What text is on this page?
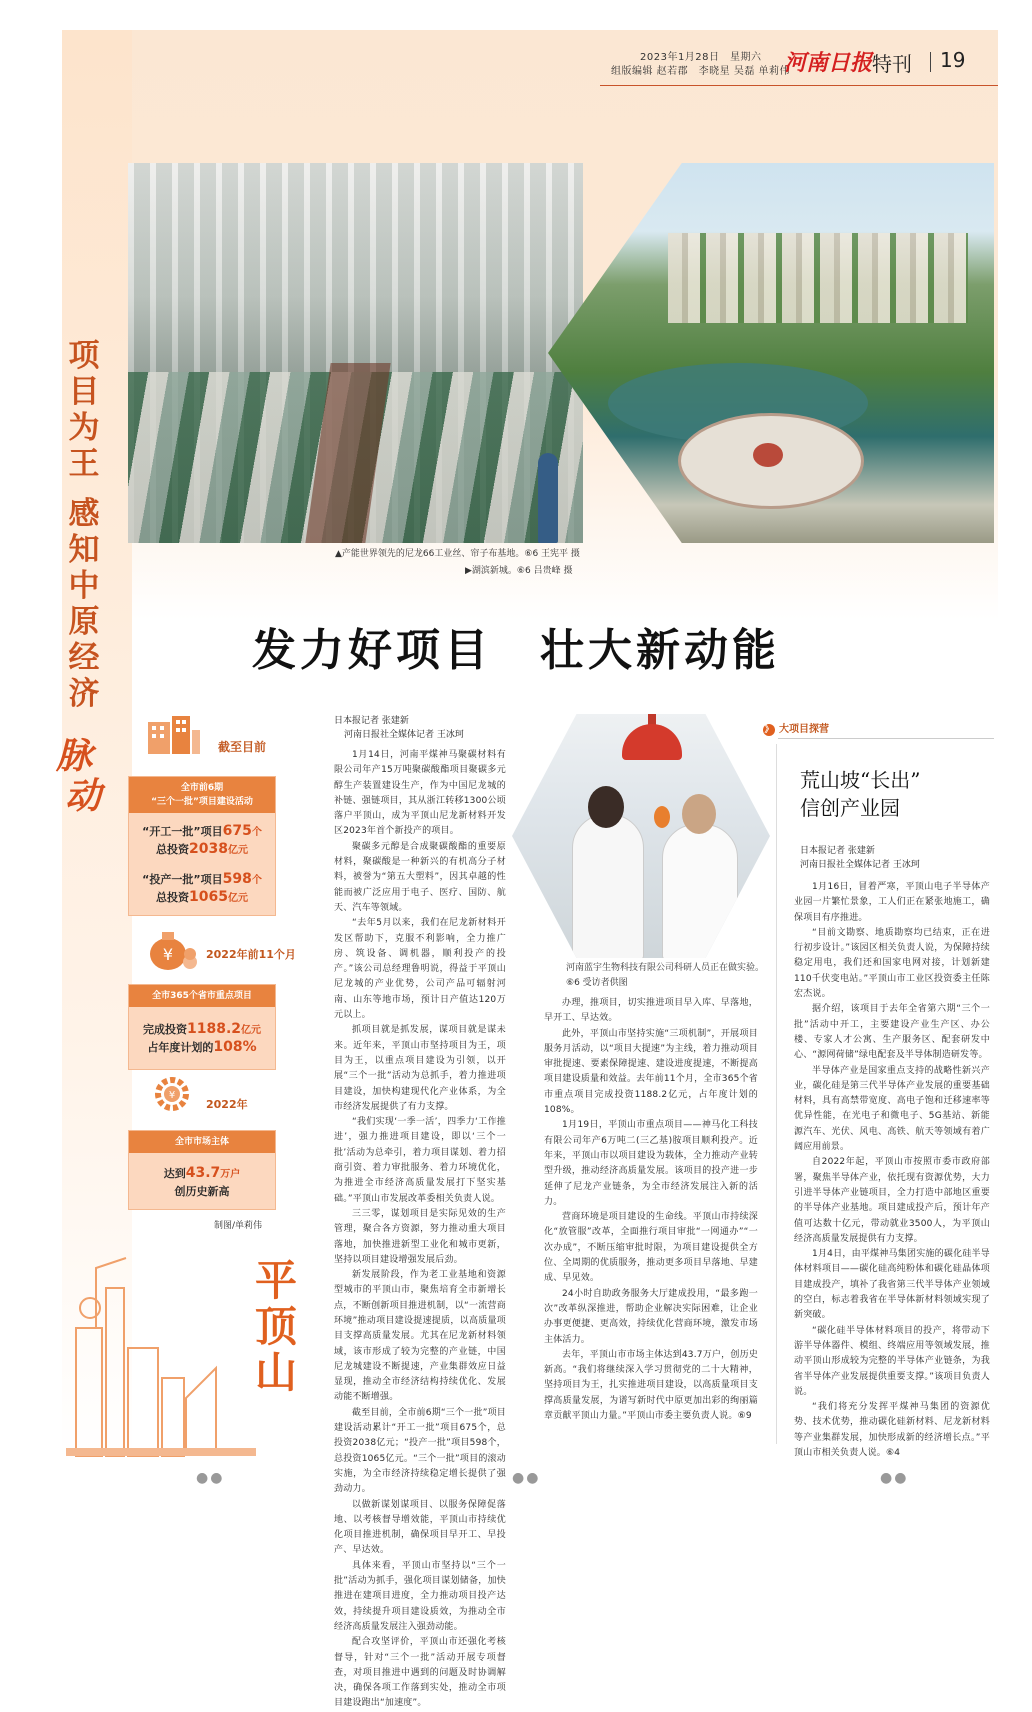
2023年1月28日　星期六
组版编辑 赵若郡　李晓星 吴磊 单莉伟
河南日报 特刊 19
▲产能世界领先的尼龙66工业丝、帘子布基地。⑥6 王宪平 摄
▶湖滨新城。⑥6 吕贵峰 摄
项
目
为
王
感
知
中
原
经
济
脉
动
发力好项目　壮大新动能
截至目前
全市前6期
“三个一批”项目建设活动
“开工一批”项目675个
总投资2038亿元
“投产一批”项目598个
总投资1065亿元
¥	2022年前11个月
全市365个省市重点项目
完成投资1188.2亿元
占年度计划的108%
¥
2022年
全市市场主体
达到43.7万户
创历史新高
制图/单莉伟
平
顶
山
日本报记者 张建新
河南日报社全媒体记者 王冰珂

1月14日，河南平煤神马聚碳材料有限公司年产15万吨聚碳酸酯项目聚碳多元醇生产装置建设生产，作为中国尼龙城的补链、强链项目，其从浙江转移1300公顷落户平顶山，成为平顶山尼龙新材料开发区2023年首个新投产的项目。

聚碳多元醇是合成聚碳酸酯的重要原材料，聚碳酸是一种新兴的有机高分子材料，被誉为“第五大塑料”，因其卓越的性能而被广泛应用于电子、医疗、国防、航天、汽车等领域。

“去年5月以来，我们在尼龙新材料开发区帮助下，克服不利影响，全力推广房、筑设备、调机器，顺利投产的投产。”该公司总经理鲁明说，得益于平顶山尼龙城的产业优势，公司产品可辐射河南、山东等地市场，预计日产值达120万元以上。

抓项目就是抓发展，谋项目就是谋未来。近年来，平顶山市坚持项目为王，项目为王，以重点项目建设为引领，以开展“三个一批”活动为总抓手，着力推进项目建设，加快构建现代化产业体系，为全市经济发展提供了有力支撑。

“我们实现‘一季一活’，四季力‘工作推进’，强力推进项目建设，即以‘三个一批’活动为总牵引，着力项目谋划、着力招商引资、着力审批服务、着力环境优化，为推进全市经济高质量发展打下坚实基础。”平顶山市发展改革委相关负责人说。

三三零，谋划项目是实际见效的生产管理，聚合各方资源，努力推动重大项目落地，加快推进新型工业化和城市更新，坚持以项目建设增强发展后劲。

新发展阶段，作为老工业基地和资源型城市的平顶山市，聚焦培育全市新增长点，不断创新项目推进机制，以“一流营商环境”推动项目建设提速提质，以高质量项目支撑高质量发展。尤其在尼龙新材料领域，该市形成了较为完整的产业链，中国尼龙城建设不断提速，产业集群效应日益显现，推动全市经济结构持续优化、发展动能不断增强。

截至目前，全市前6期“三个一批”项目建设活动累计“开工一批”项目675个，总投资2038亿元；“投产一批”项目598个，总投资1065亿元。“三个一批”项目的滚动实施，为全市经济持续稳定增长提供了强劲动力。

以做新谋划谋项目、以服务保障促落地、以考核督导增效能，平顶山市持续优化项目推进机制，确保项目早开工、早投产、早达效。

具体来看，平顶山市坚持以“三个一批”活动为抓手，强化项目谋划储备，加快推进在建项目进度，全力推动项目投产达效，持续提升项目建设质效，为推动全市经济高质量发展注入强劲动能。

配合攻坚评价，平顶山市还强化考核督导，针对“三个一批”活动开展专项督查，对项目推进中遇到的问题及时协调解决，确保各项工作落到实处，推动全市项目建设跑出“加速度”。

河南蓝宇生物科技有限公司科研人员正在做实验。⑥6 受访者供图

办理，推项目，切实推进项目早入库、早落地，早开工、早达效。

此外，平顶山市坚持实施“三项机制”，开展项目服务月活动，以“项目大提速”为主线，着力推动项目审批提速、要素保障提速、建设进度提速，不断提高项目建设质量和效益。去年前11个月，全市365个省市重点项目完成投资1188.2亿元，占年度计划的108%。

1月19日，平顶山市重点项目——神马化工科技有限公司年产6万吨二(三乙基)胺项目顺利投产。近年来，平顶山市以项目建设为载体，全力推动产业转型升级，推动经济高质量发展。该项目的投产进一步延伸了尼龙产业链条，为全市经济发展注入新的活力。

营商环境是项目建设的生命线。平顶山市持续深化“放管服”改革，全面推行项目审批“一网通办”“一次办成”，不断压缩审批时限，为项目建设提供全方位、全周期的优质服务，推动更多项目早落地、早建成、早见效。

24小时自助政务服务大厅建成投用，“最多跑一次”改革纵深推进，帮助企业解决实际困难，让企业办事更便捷、更高效，持续优化营商环境，激发市场主体活力。

去年，平顶山市市场主体达到43.7万户，创历史新高。“我们将继续深入学习贯彻党的二十大精神，坚持项目为王，扎实推进项目建设，以高质量项目支撑高质量发展，为谱写新时代中原更加出彩的绚丽篇章贡献平顶山力量。”平顶山市委主要负责人说。⑥9

》 大项目探营
荒山坡“长出”
信创产业园
日本报记者 张建新
河南日报社全媒体记者 王冰珂

1月16日，冒着严寒，平顶山电子半导体产业园一片繁忙景象，工人们正在紧张地施工，确保项目有序推进。

“目前文勘察、地质勘察均已结束，正在进行初步设计。”该园区相关负责人说，为保障持续稳定用电，我们还和国家电网对接，计划新建110千伏变电站。”平顶山市工业区投资委主任陈宏杰说。

据介绍，该项目于去年全省第六期“三个一批”活动中开工，主要建设产业生产区、办公楼、专家人才公寓、生产服务区、配套研发中心、“源网荷储”绿电配套及半导体制造研发等。

半导体产业是国家重点支持的战略性新兴产业，碳化硅是第三代半导体产业发展的重要基础材料，具有高禁带宽度、高电子饱和迁移速率等优异性能，在光电子和微电子、5G基站、新能源汽车、光伏、风电、高铁、航天等领域有着广阔应用前景。

自2022年起，平顶山市按照市委市政府部署，聚焦半导体产业，依托现有资源优势，大力引进半导体产业链项目，全力打造中部地区重要的半导体产业基地。项目建成投产后，预计年产值可达数十亿元，带动就业3500人，为平顶山经济高质量发展提供有力支撑。

1月4日，由平煤神马集团实施的碳化硅半导体材料项目——碳化硅高纯粉体和碳化硅晶体项目建成投产，填补了我省第三代半导体产业领域的空白，标志着我省在半导体新材料领域实现了新突破。

“碳化硅半导体材料项目的投产，将带动下游半导体器件、模组、终端应用等领域发展，推动平顶山形成较为完整的半导体产业链条，为我省半导体产业发展提供重要支撑。”该项目负责人说。

“我们将充分发挥平煤神马集团的资源优势、技术优势，推动碳化硅新材料、尼龙新材料等产业集群发展，加快形成新的经济增长点。”平顶山市相关负责人说。⑥4

●●	●●	●●
